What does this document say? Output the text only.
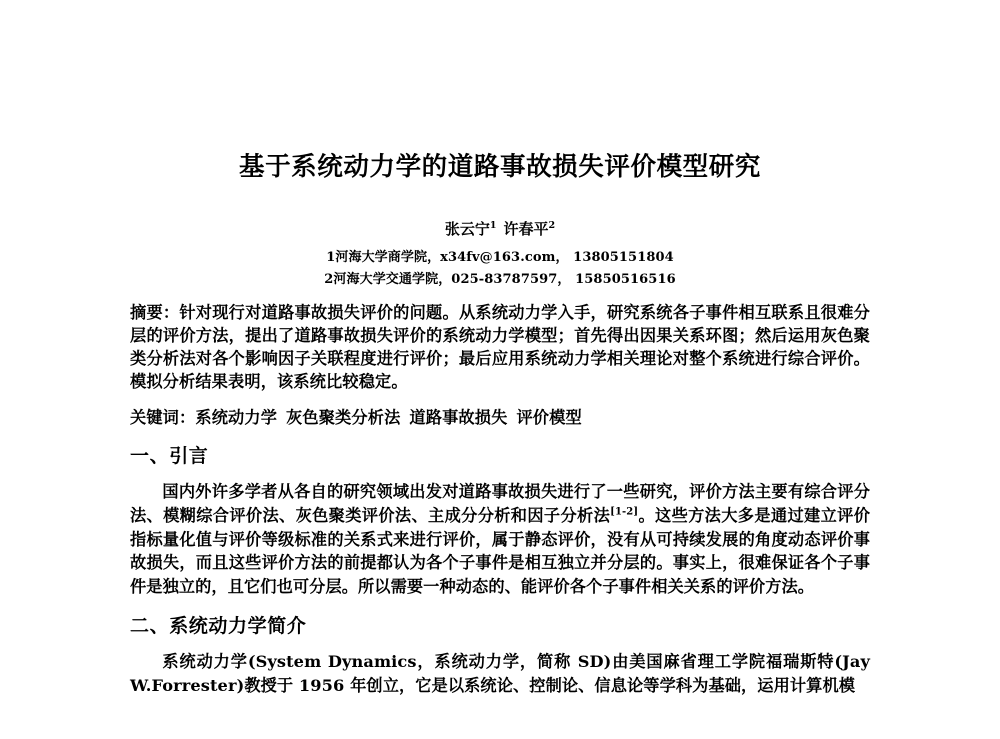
基于系统动力学的道路事故损失评价模型研究
张云宁$^1$ 许春平$^2$
1河海大学商学院，x34fv@163.com， 13805151804
2河海大学交通学院，025-83787597， 15850516516
摘要：针对现行对道路事故损失评价的问题。从系统动力学入手，研究系统各子事件相互联系且很难分层的评价方法，提出了道路事故损失评价的系统动力学模型；首先得出因果关系环图；然后运用灰色聚类分析法对各个影响因子关联程度进行评价；最后应用系统动力学相关理论对整个系统进行综合评价。模拟分析结果表明，该系统比较稳定。
关键词：系统动力学 灰色聚类分析法 道路事故损失 评价模型
一、引言
国内外许多学者从各自的研究领域出发对道路事故损失进行了一些研究，评价方法主要有综合评分法、模糊综合评价法、灰色聚类评价法、主成分分析和因子分析法[1-2]。这些方法大多是通过建立评价指标量化值与评价等级标准的关系式来进行评价，属于静态评价，没有从可持续发展的角度动态评价事故损失，而且这些评价方法的前提都认为各个子事件是相互独立并分层的。事实上，很难保证各个子事件是独立的，且它们也可分层。所以需要一种动态的、能评价各个子事件相关关系的评价方法。
二、系统动力学简介
系统动力学(System Dynamics，系统动力学，简称 SD)由美国麻省理工学院福瑞斯特(Jay W.Forrester)教授于 1956 年创立，它是以系统论、控制论、信息论等学科为基础，运用计算机模
